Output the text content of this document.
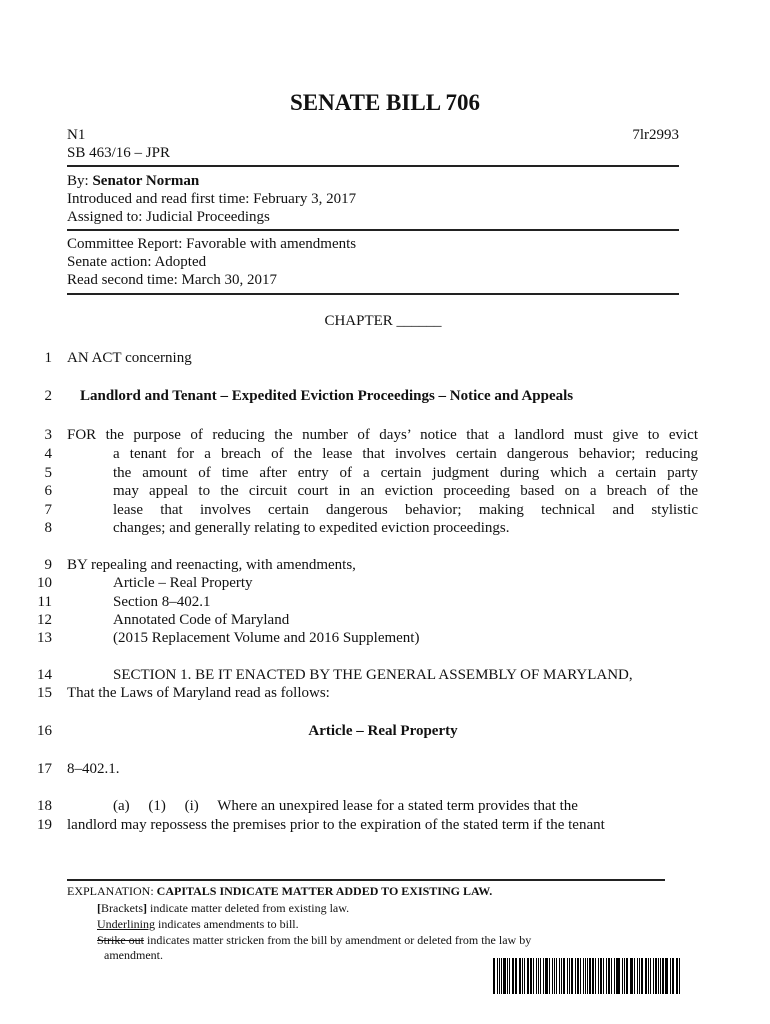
SENATE BILL 706
N1	7lr2993
SB 463/16 – JPR
By: Senator Norman
Introduced and read first time: February 3, 2017
Assigned to: Judicial Proceedings
Committee Report: Favorable with amendments
Senate action: Adopted
Read second time: March 30, 2017
CHAPTER ______
1 AN ACT concerning
2 Landlord and Tenant – Expedited Eviction Proceedings – Notice and Appeals
3 FOR the purpose of reducing the number of days’ notice that a landlord must give to evict
4	a tenant for a breach of the lease that involves certain dangerous behavior; reducing
5	the amount of time after entry of a certain judgment during which a certain party
6	may appeal to the circuit court in an eviction proceeding based on a breach of the
7	lease that involves certain dangerous behavior; making technical and stylistic
8	changes; and generally relating to expedited eviction proceedings.
9 BY repealing and reenacting, with amendments,
10	Article – Real Property
11	Section 8–402.1
12	Annotated Code of Maryland
13	(2015 Replacement Volume and 2016 Supplement)
14	SECTION 1. BE IT ENACTED BY THE GENERAL ASSEMBLY OF MARYLAND,
15 That the Laws of Maryland read as follows:
16	Article – Real Property
17 8–402.1.
18	(a)     (1)     (i)     Where an unexpired lease for a stated term provides that the
19 landlord may repossess the premises prior to the expiration of the stated term if the tenant
EXPLANATION: CAPITALS INDICATE MATTER ADDED TO EXISTING LAW.
[Brackets] indicate matter deleted from existing law.
Underlining indicates amendments to bill.
Strike out indicates matter stricken from the bill by amendment or deleted from the law by
amendment.
